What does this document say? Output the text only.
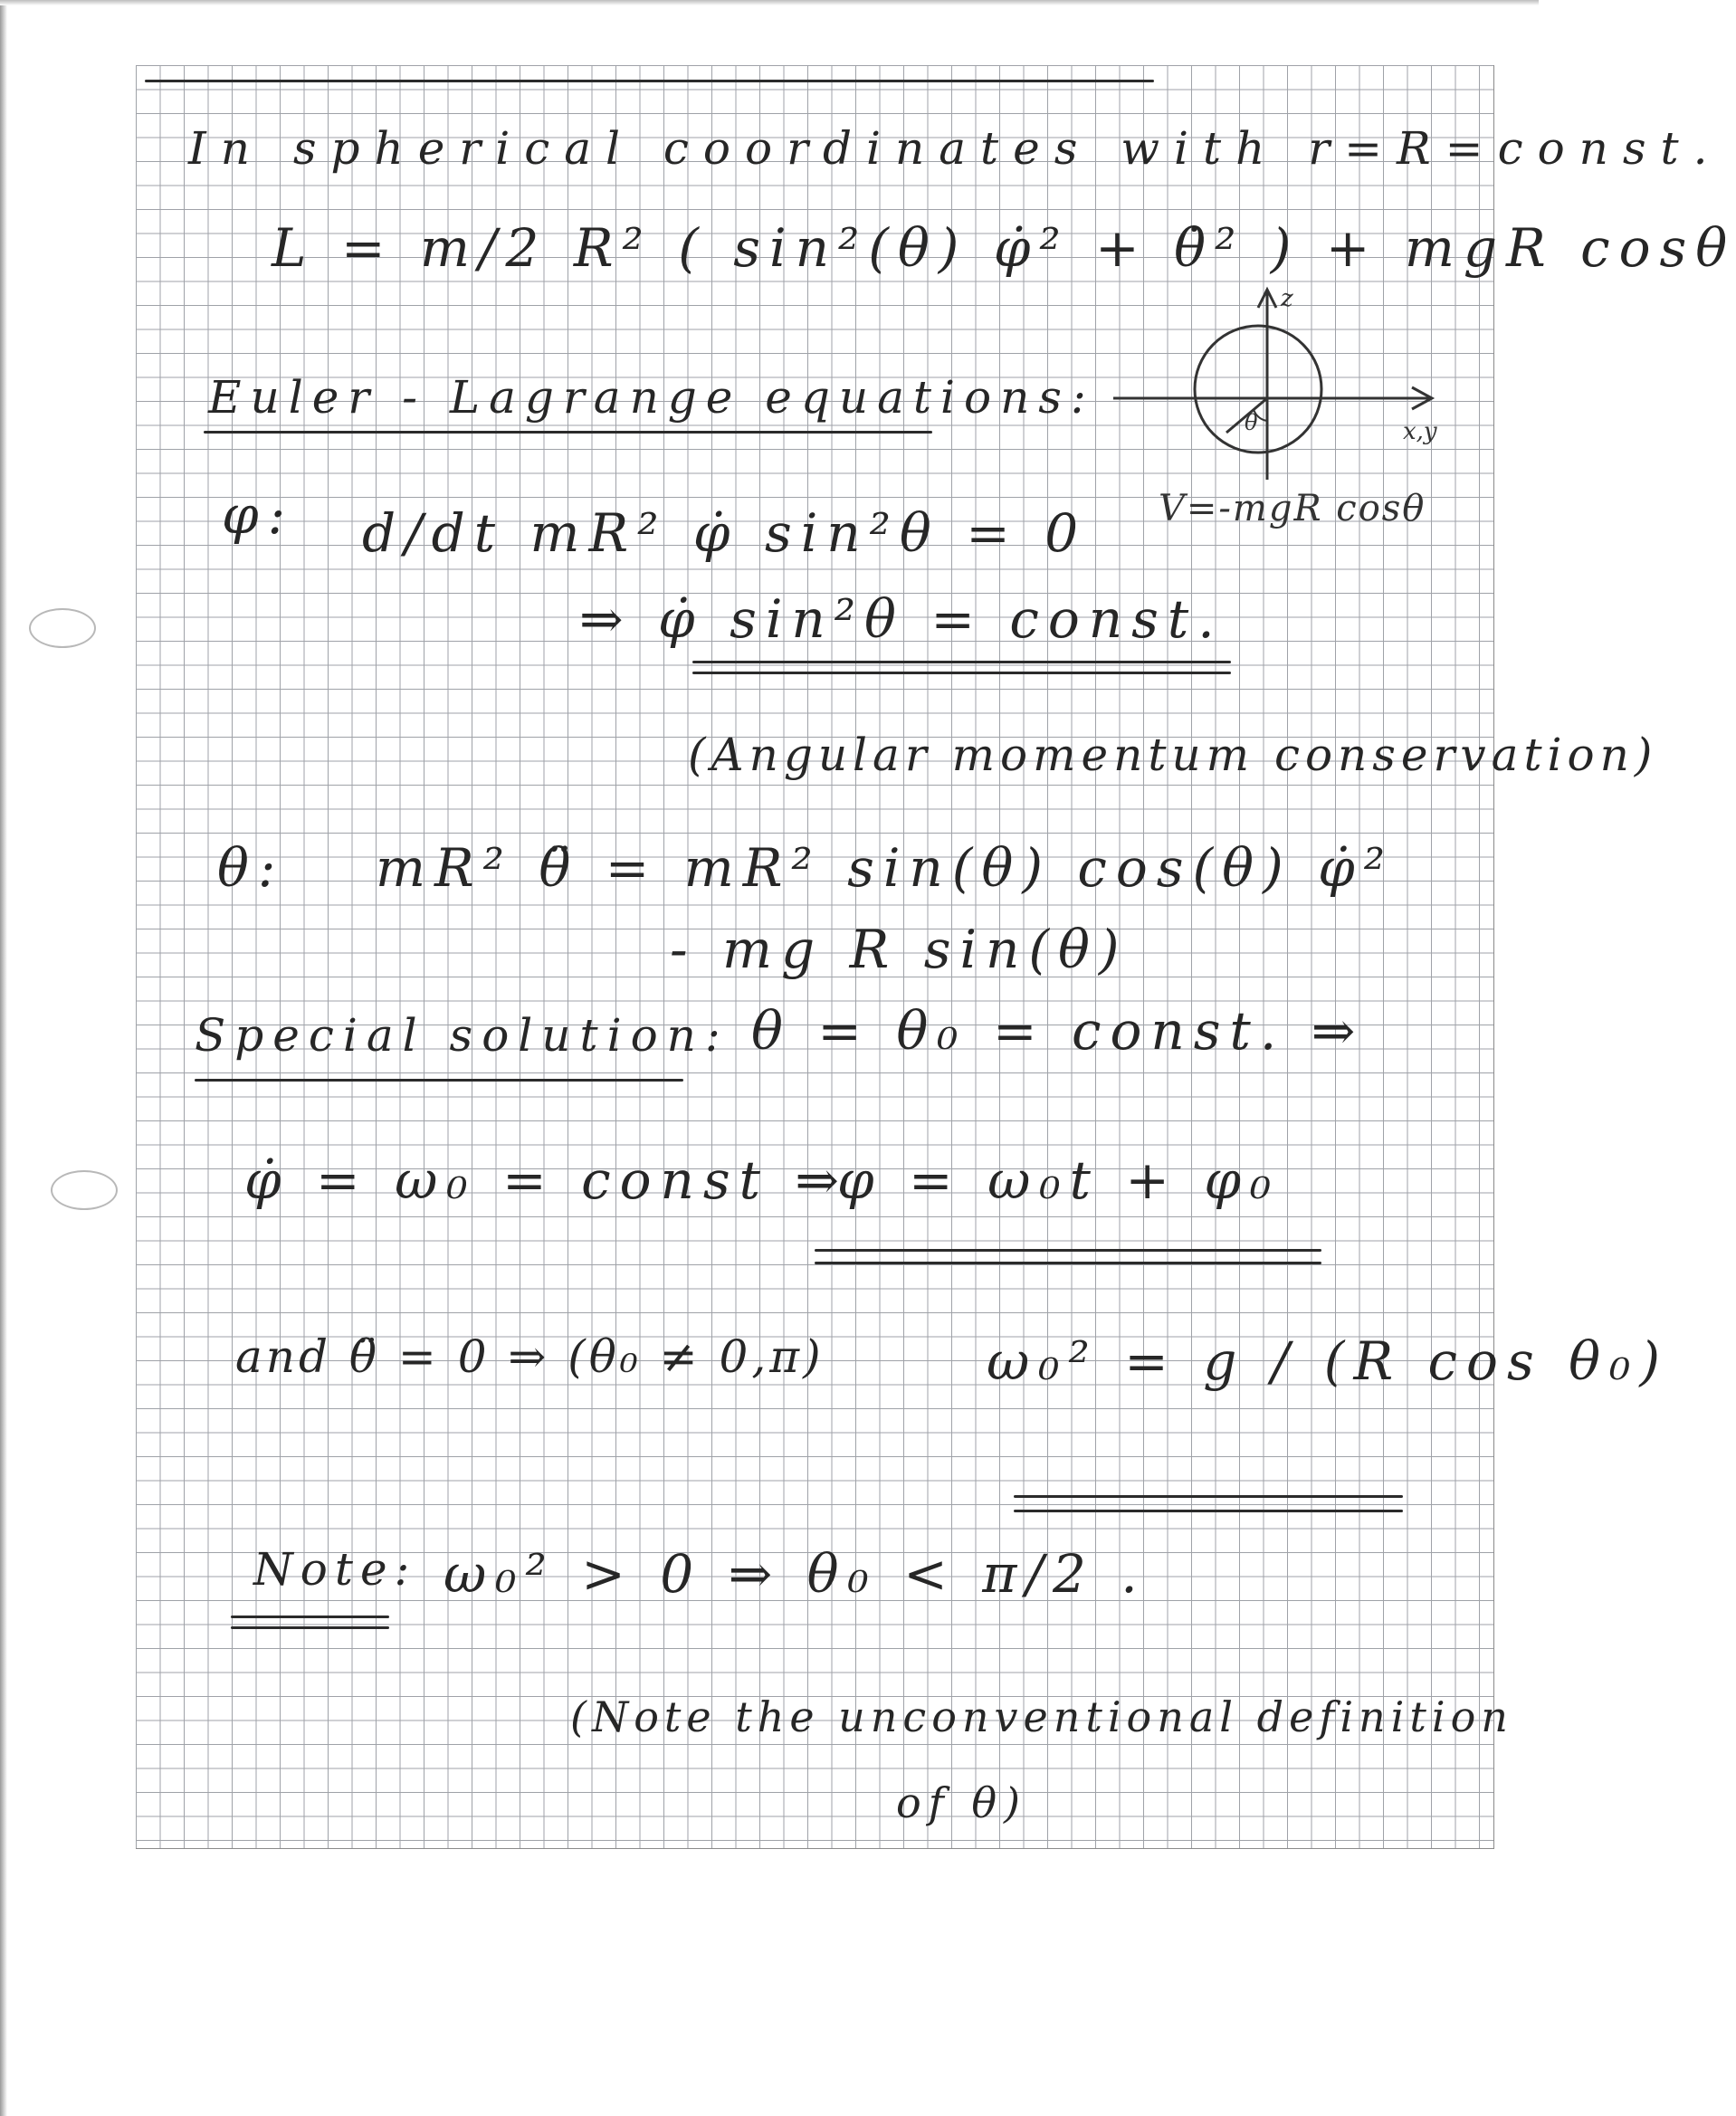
In spherical coordinates with r=R=const.
L = m/2 R² ( sin²(θ) φ̇² + θ̇² ) + mgR cosθ
Euler - Lagrange equations:
φ: d/dt mR² φ̇ sin²θ = 0
⇒ φ̇ sin²θ = const.
(Angular momentum conservation)
θ: mR² θ̈ = mR² sin(θ) cos(θ) φ̇²
- mg R sin(θ)
Special solution: θ = θ₀ = const. ⇒
φ̇ = ω₀ = const ⇒
φ = ω₀t + φ₀
and θ̈ = 0 ⇒ (θ₀ ≠ 0,π)	ω₀² = g / (R cos θ₀)
Note: ω₀² > 0 ⇒ θ₀ < π/2 .
(Note the unconventional definition
of θ)
z
x,y
θ
V=-mgR cosθ
